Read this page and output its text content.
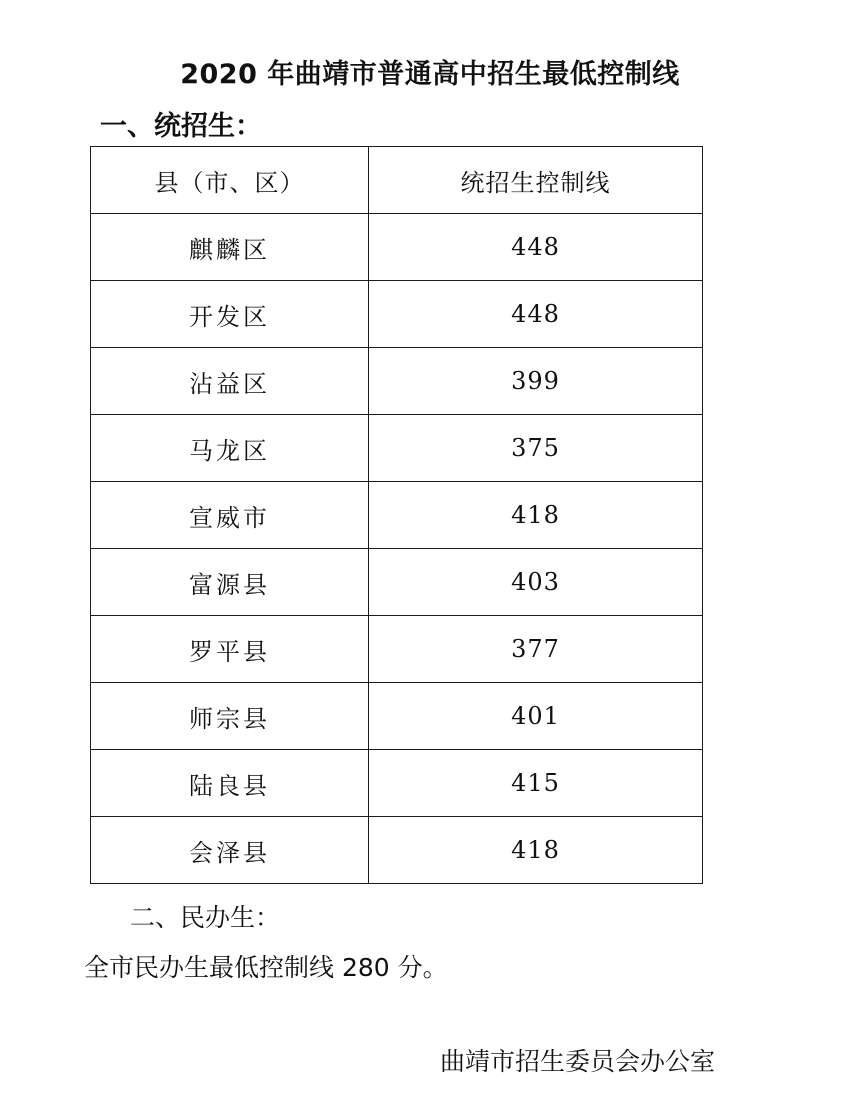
2020 年曲靖市普通高中招生最低控制线
一、统招生：
县（市、区）	统招生控制线
麒麟区	448
开发区	448
沾益区	399
马龙区	375
宣威市	418
富源县	403
罗平县	377
师宗县	401
陆良县	415
会泽县	418
二、民办生：
全市民办生最低控制线 280 分。
曲靖市招生委员会办公室
